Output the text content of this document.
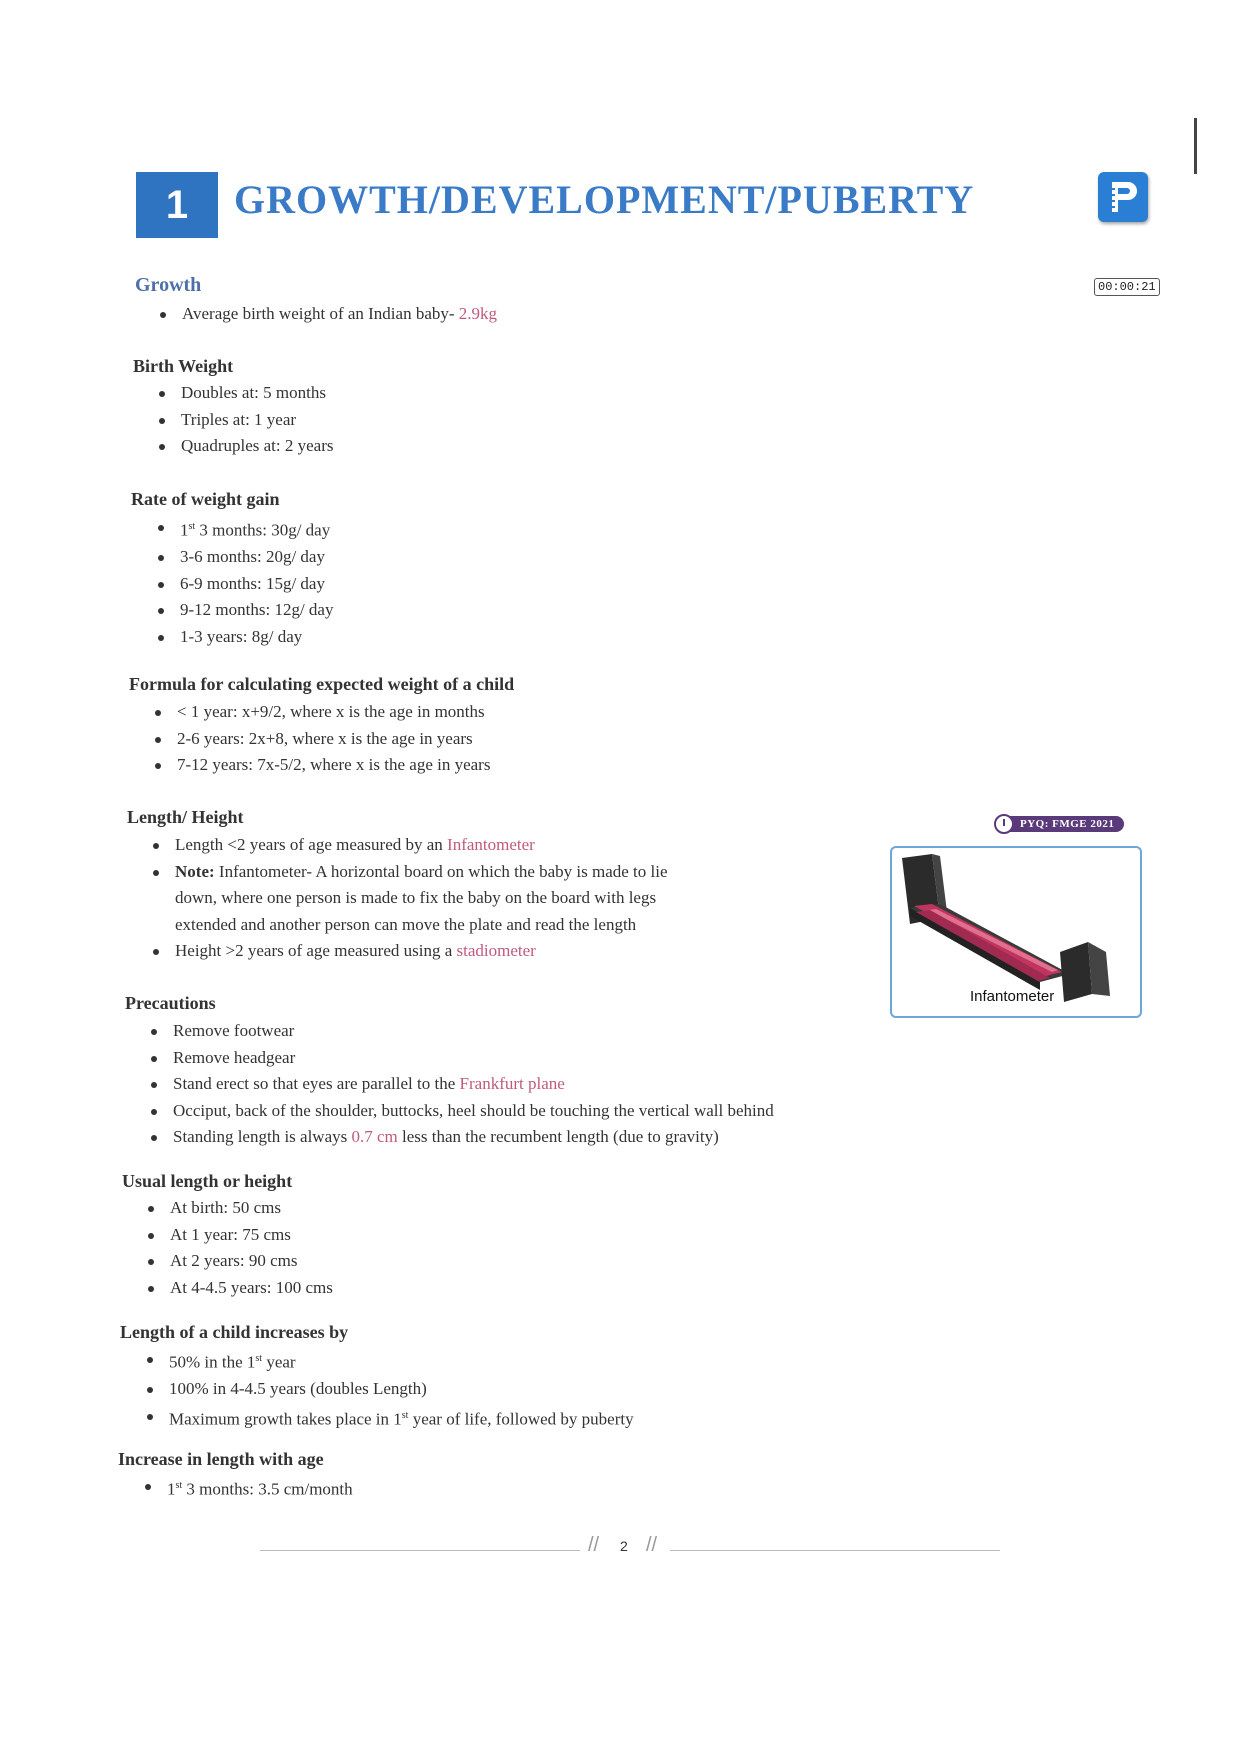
1 GROWTH/DEVELOPMENT/PUBERTY
00:00:21
Growth
Average birth weight of an Indian baby- 2.9kg
Birth Weight
Doubles at: 5 months
Triples at: 1 year
Quadruples at: 2 years
Rate of weight gain
1st 3 months: 30g/ day
3-6 months: 20g/ day
6-9 months: 15g/ day
9-12 months: 12g/ day
1-3 years: 8g/ day
Formula for calculating expected weight of a child
< 1 year: x+9/2, where x is the age in months
2-6 years: 2x+8, where x is the age in years
7-12 years: 7x-5/2, where x is the age in years
Length/ Height
Length <2 years of age measured by an Infantometer
Note: Infantometer- A horizontal board on which the baby is made to lie
down, where one person is made to fix the baby on the board with legs
extended and another person can move the plate and read the length
Height >2 years of age measured using a stadiometer
PYQ: FMGE 2021
Infantometer
Precautions
Remove footwear
Remove headgear
Stand erect so that eyes are parallel to the Frankfurt plane
Occiput, back of the shoulder, buttocks, heel should be touching the vertical wall behind
Standing length is always 0.7 cm less than the recumbent length (due to gravity)
Usual length or height
At birth: 50 cms
At 1 year: 75 cms
At 2 years: 90 cms
At 4-4.5 years: 100 cms
Length of a child increases by
50% in the 1st year
100% in 4-4.5 years (doubles Length)
Maximum growth takes place in 1st year of life, followed by puberty
Increase in length with age
1st 3 months: 3.5 cm/month
// 2 //
